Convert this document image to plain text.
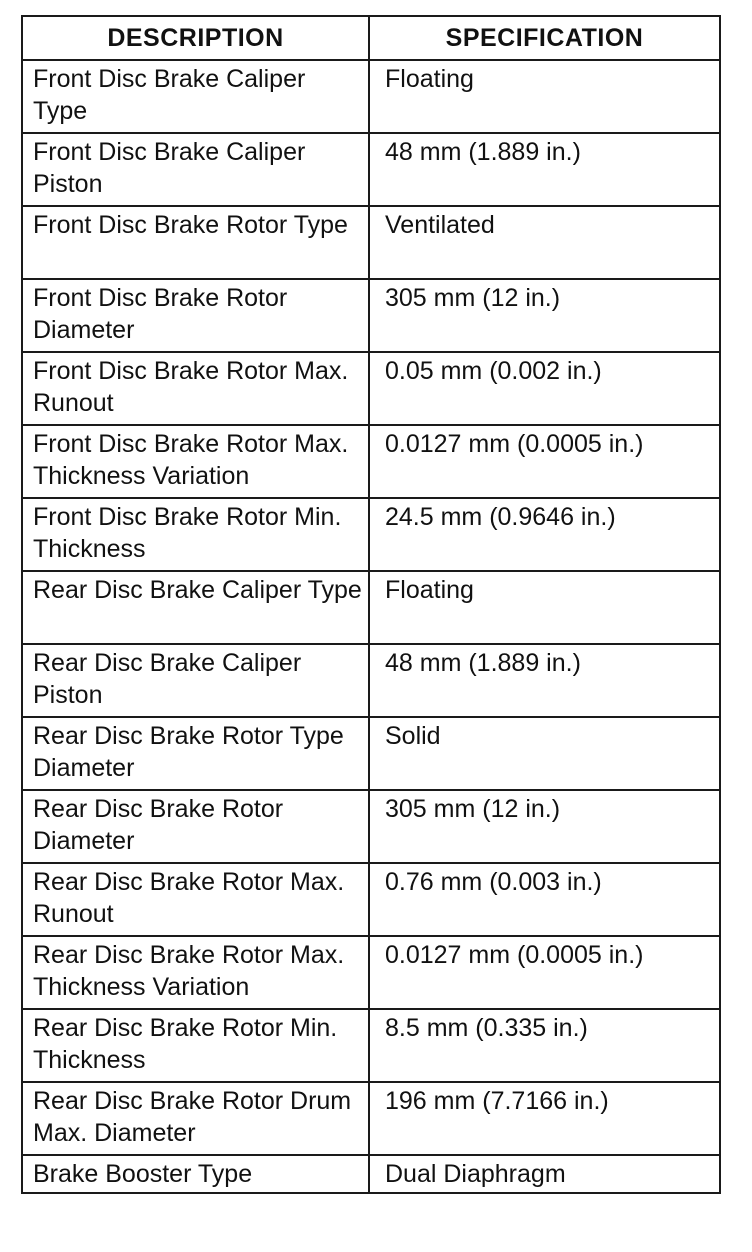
DESCRIPTION	SPECIFICATION

Front Disc Brake Caliper Type	Floating

Front Disc Brake Caliper Piston	48 mm (1.889 in.)

Front Disc Brake Rotor Type	Ventilated

Front Disc Brake Rotor Diameter	305 mm (12 in.)

Front Disc Brake Rotor Max. Runout	0.05 mm (0.002 in.)

Front Disc Brake Rotor Max. Thickness Variation	0.0127 mm (0.0005 in.)

Front Disc Brake Rotor Min. Thickness	24.5 mm (0.9646 in.)

Rear Disc Brake Caliper Type	Floating

Rear Disc Brake Caliper Piston	48 mm (1.889 in.)

Rear Disc Brake Rotor Type Diameter	Solid

Rear Disc Brake Rotor Diameter	305 mm (12 in.)

Rear Disc Brake Rotor Max. Runout	0.76 mm (0.003 in.)

Rear Disc Brake Rotor Max. Thickness Variation	0.0127 mm (0.0005 in.)

Rear Disc Brake Rotor Min. Thickness	8.5 mm (0.335 in.)

Rear Disc Brake Rotor Drum Max. Diameter	196 mm (7.7166 in.)

Brake Booster Type	Dual Diaphragm
